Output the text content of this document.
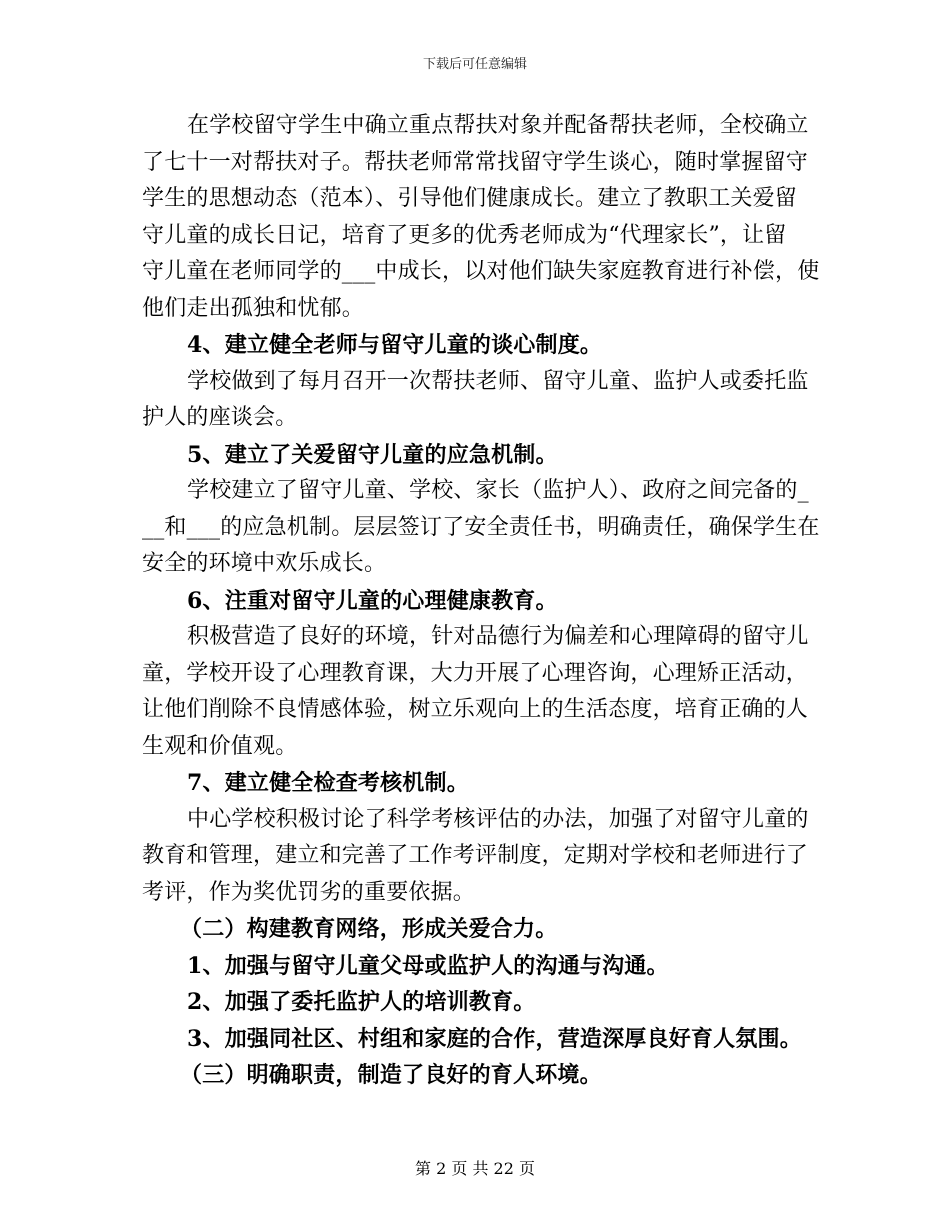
下载后可任意编辑
在学校留守学生中确立重点帮扶对象并配备帮扶老师，全校确立
了七十一对帮扶对子。帮扶老师常常找留守学生谈心，随时掌握留守
学生的思想动态（范本）、引导他们健康成长。建立了教职工关爱留
守儿童的成长日记，培育了更多的优秀老师成为“代理家长”，让留
守儿童在老师同学的___中成长，以对他们缺失家庭教育进行补偿，使
他们走出孤独和忧郁。
4、建立健全老师与留守儿童的谈心制度。
学校做到了每月召开一次帮扶老师、留守儿童、监护人或委托监
护人的座谈会。
5、建立了关爱留守儿童的应急机制。
学校建立了留守儿童、学校、家长（监护人）、政府之间完备的_
__和___的应急机制。层层签订了安全责任书，明确责任，确保学生在
安全的环境中欢乐成长。
6、注重对留守儿童的心理健康教育。
积极营造了良好的环境，针对品德行为偏差和心理障碍的留守儿
童，学校开设了心理教育课，大力开展了心理咨询，心理矫正活动，
让他们削除不良情感体验，树立乐观向上的生活态度，培育正确的人
生观和价值观。
7、建立健全检查考核机制。
中心学校积极讨论了科学考核评估的办法，加强了对留守儿童的
教育和管理，建立和完善了工作考评制度，定期对学校和老师进行了
考评，作为奖优罚劣的重要依据。
（二）构建教育网络，形成关爱合力。
1、加强与留守儿童父母或监护人的沟通与沟通。
2、加强了委托监护人的培训教育。
3、加强同社区、村组和家庭的合作，营造深厚良好育人氛围。
（三）明确职责，制造了良好的育人环境。
第 2 页 共 22 页
